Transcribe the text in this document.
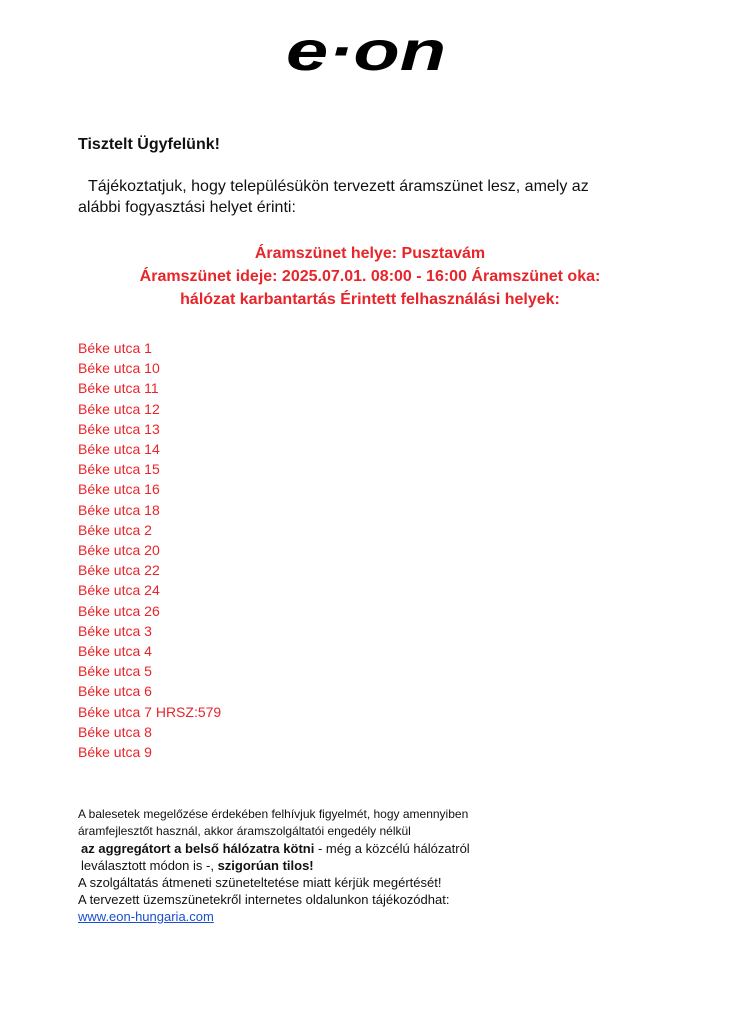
e·on
Tisztelt Ügyfelünk!
Tájékoztatjuk, hogy településükön tervezett áramszünet lesz, amely az
alábbi fogyasztási helyet érinti:
Áramszünet helye: Pusztavám
Áramszünet ideje: 2025.07.01. 08:00 - 16:00 Áramszünet oka:
hálózat karbantartás Érintett felhasználási helyek:
Béke utca 1
Béke utca 10
Béke utca 11
Béke utca 12
Béke utca 13
Béke utca 14
Béke utca 15
Béke utca 16
Béke utca 18
Béke utca 2
Béke utca 20
Béke utca 22
Béke utca 24
Béke utca 26
Béke utca 3
Béke utca 4
Béke utca 5
Béke utca 6
Béke utca 7 HRSZ:579
Béke utca 8
Béke utca 9
A balesetek megelőzése érdekében felhívjuk figyelmét, hogy amennyiben
áramfejlesztőt használ, akkor áramszolgáltatói engedély nélkül
az aggregátort a belső hálózatra kötni - még a közcélú hálózatról
leválasztott módon is -, szigorúan tilos!
A szolgáltatás átmeneti szüneteltetése miatt kérjük megértését!
A tervezett üzemszünetekről internetes oldalunkon tájékozódhat:
www.eon-hungaria.com
